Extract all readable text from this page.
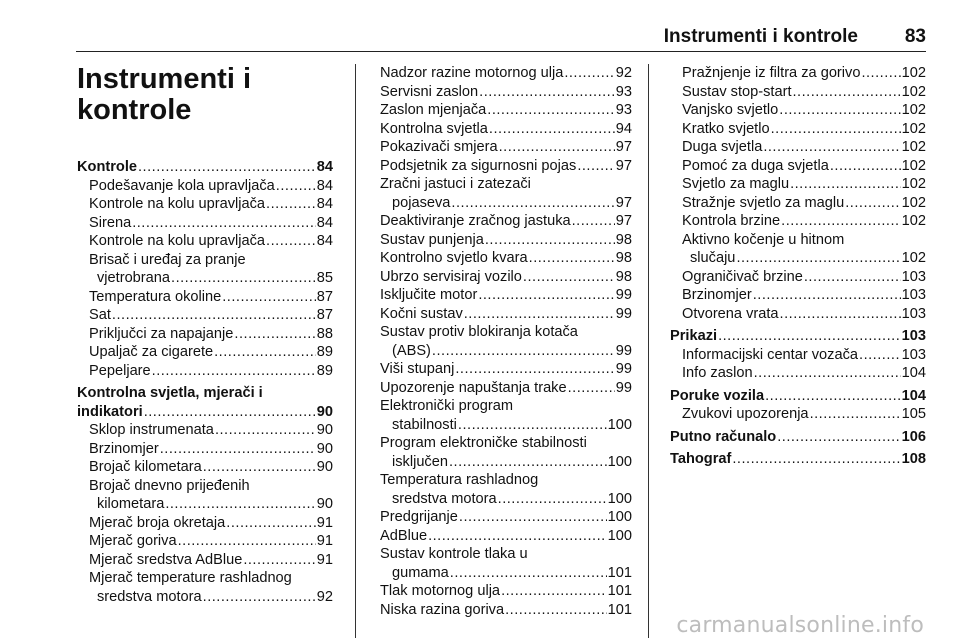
Instrumenti i kontrole 83
Instrumenti i
kontrole
Kontrole .....	84
Podešavanje kola upravljača .....	84
Kontrole na kolu upravljača .....	84
Sirena .....	84
Kontrole na kolu upravljača .....	84
Brisač i uređaj za pranje
vjetrobrana .....	85
Temperatura okoline .....	87
Sat .....	87
Priključci za napajanje .....	88
Upaljač za cigarete .....	89
Pepeljare .....	89
Kontrolna svjetla, mjerači i
indikatori .....	90
Sklop instrumenata .....	90
Brzinomjer .....	90
Brojač kilometara .....	90
Brojač dnevno prijeđenih
kilometara .....	90
Mjerač broja okretaja .....	91
Mjerač goriva .....	91
Mjerač sredstva AdBlue .....	91
Mjerač temperature rashladnog
sredstva motora .....	92
Nadzor razine motornog ulja .....	92
Servisni zaslon .....	93
Zaslon mjenjača .....	93
Kontrolna svjetla .....	94
Pokazivači smjera .....	97
Podsjetnik za sigurnosni pojas .....	97
Zračni jastuci i zatezači
pojaseva .....	97
Deaktiviranje zračnog jastuka .....	97
Sustav punjenja .....	98
Kontrolno svjetlo kvara .....	98
Ubrzo servisiraj vozilo .....	98
Isključite motor .....	99
Kočni sustav .....	99
Sustav protiv blokiranja kotača
(ABS) .....	99
Viši stupanj .....	99
Upozorenje napuštanja trake .....	99
Elektronički program
stabilnosti .....	100
Program elektroničke stabilnosti
isključen .....	100
Temperatura rashladnog
sredstva motora .....	100
Predgrijanje .....	100
AdBlue .....	100
Sustav kontrole tlaka u
gumama .....	101
Tlak motornog ulja .....	101
Niska razina goriva .....	101
Pražnjenje iz filtra za gorivo .....	102
Sustav stop-start .....	102
Vanjsko svjetlo .....	102
Kratko svjetlo .....	102
Duga svjetla .....	102
Pomoć za duga svjetla .....	102
Svjetlo za maglu .....	102
Stražnje svjetlo za maglu .....	102
Kontrola brzine .....	102
Aktivno kočenje u hitnom
slučaju .....	102
Ograničivač brzine .....	103
Brzinomjer .....	103
Otvorena vrata .....	103
Prikazi .....	103
Informacijski centar vozača .....	103
Info zaslon .....	104
Poruke vozila .....	104
Zvukovi upozorenja .....	105
Putno računalo .....	106
Tahograf .....	108
carmanualsonline.info
